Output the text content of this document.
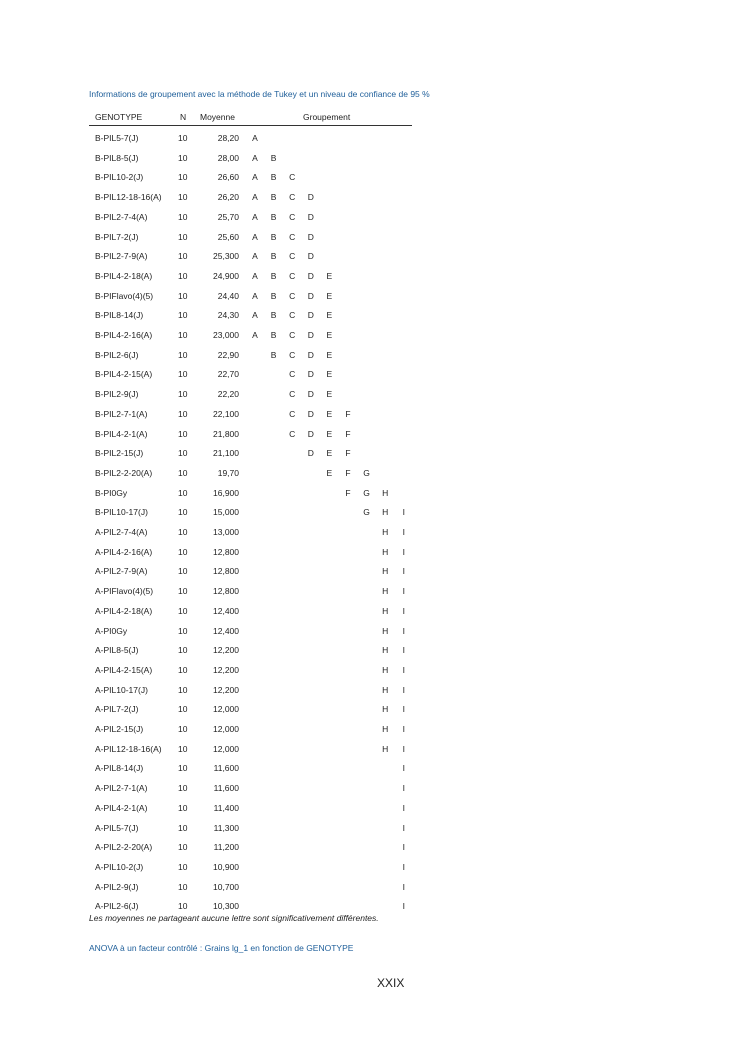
Informations de groupement avec la méthode de Tukey et un niveau de confiance de 95 %
GENOTYPE	N Moyenne	Groupement
B-PIL5-7(J)	10	28,20 A
B-PIL8-5(J)	10	28,00 A B
B-PIL10-2(J)	10	26,60 A B C
B-PIL12-18-16(A) 10	26,20 A B C D
B-PIL2-7-4(A)	10	25,70 A B C D
B-PIL7-2(J)	10	25,60 A B C D
B-PIL2-7-9(A)	10	25,300 A B C D
B-PIL4-2-18(A)	10	24,900 A B C D E
B-PIFlavo(4)(5)	10	24,40 A B C D E
B-PIL8-14(J)	10	24,30 A B C D E
B-PIL4-2-16(A)	10	23,000 A B C D E
B-PIL2-6(J)	10	22,90	B C D E
B-PIL4-2-15(A)	10	22,70	C D E
B-PIL2-9(J)	10	22,20	C D E
B-PIL2-7-1(A)	10	22,100	C D E F
B-PIL4-2-1(A)	10	21,800	C D E F
B-PIL2-15(J)	10	21,100	D E F
B-PIL2-2-20(A)	10	19,70	E F G
B-PI0Gy	10	16,900	F G H
B-PIL10-17(J)	10	15,000	G H	I
A-PIL2-7-4(A)	10	13,000	H	I
A-PIL4-2-16(A)	10	12,800	H	I
A-PIL2-7-9(A)	10	12,800	H	I
A-PIFlavo(4)(5)	10	12,800	H	I
A-PIL4-2-18(A)	10	12,400	H	I
A-PI0Gy	10	12,400	H	I
A-PIL8-5(J)	10	12,200	H	I
A-PIL4-2-15(A)	10	12,200	H	I
A-PIL10-17(J)	10	12,200	H	I
A-PIL7-2(J)	10	12,000	H	I
A-PIL2-15(J)	10	12,000	H	I
A-PIL12-18-16(A) 10	12,000	H	I
A-PIL8-14(J)	10	11,600	I
A-PIL2-7-1(A)	10	11,600	I
A-PIL4-2-1(A)	10	11,400	I
A-PIL5-7(J)	10	11,300	I
A-PIL2-2-20(A)	10	11,200	I
A-PIL10-2(J)	10	10,900	I
A-PIL2-9(J)	10	10,700	I
A-PIL2-6(J)	10	10,300	I
Les moyennes ne partageant aucune lettre sont significativement différentes.
ANOVA à un facteur contrôlé : Grains lg_1 en fonction de GENOTYPE
XXIX
